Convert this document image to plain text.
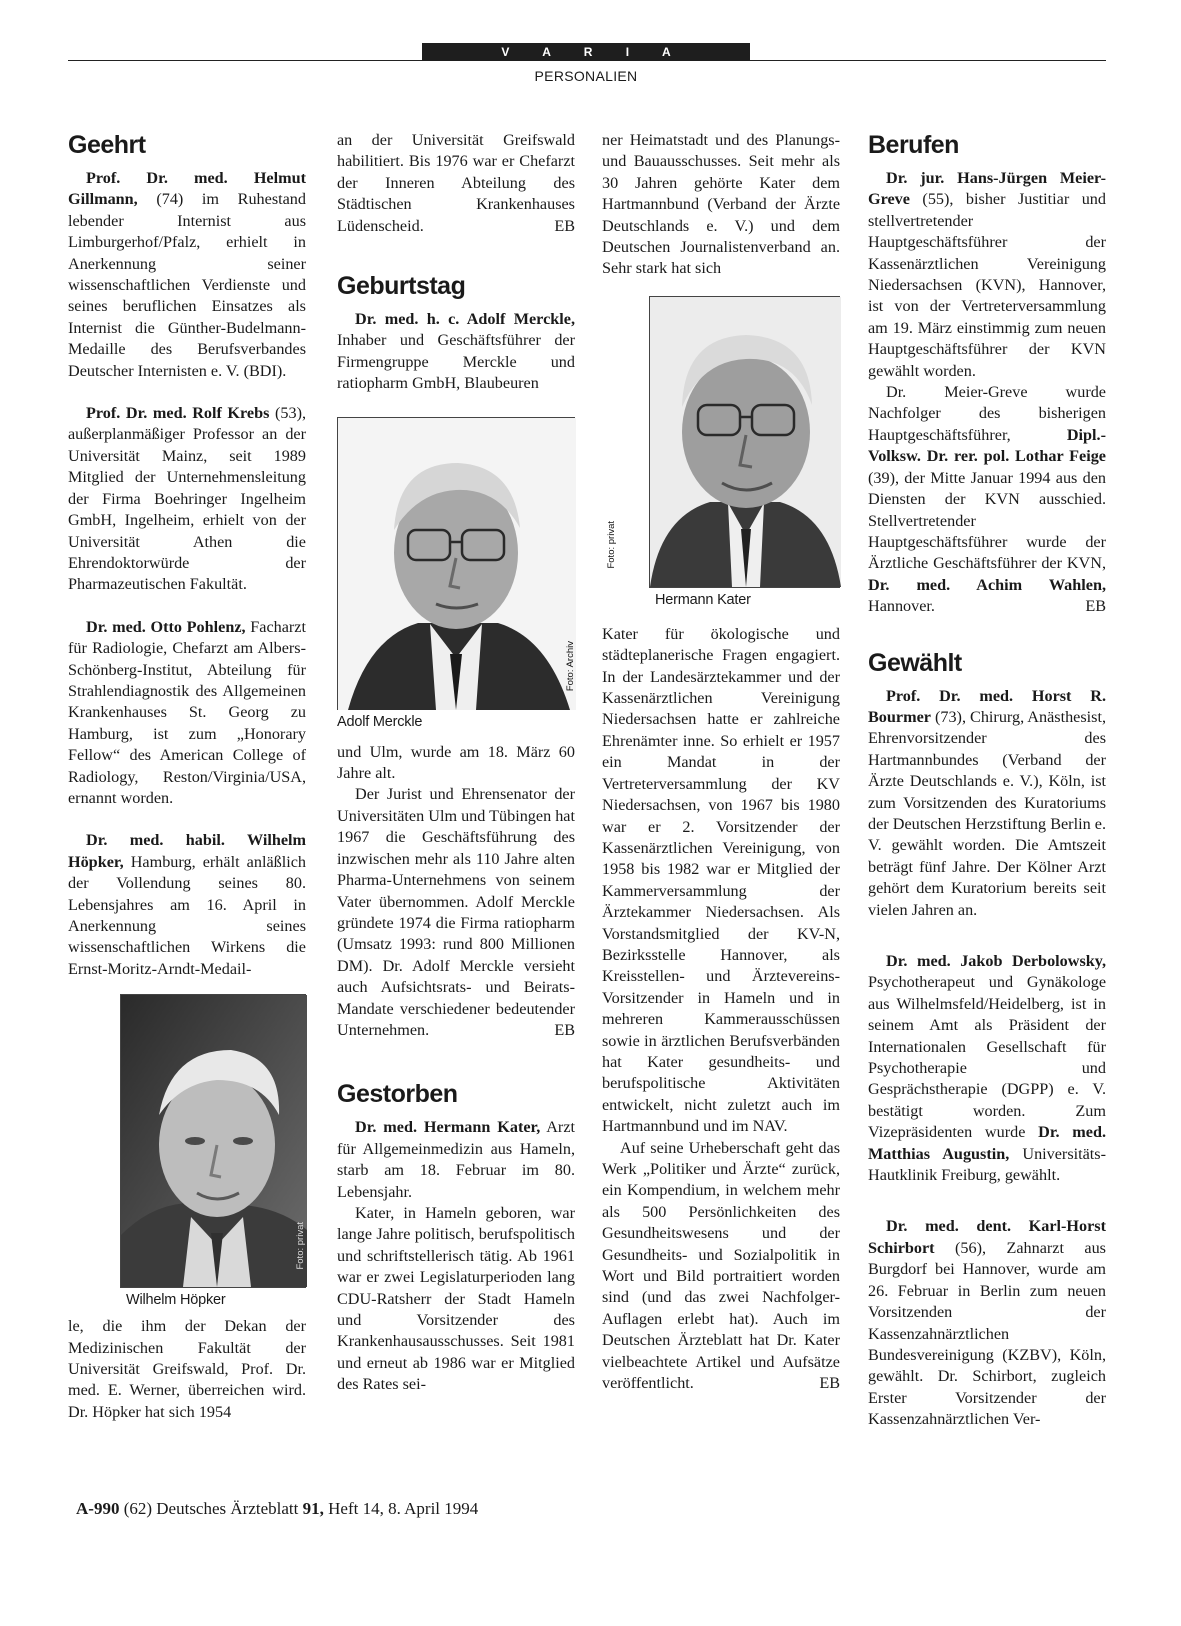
V A R I A
PERSONALIEN
Geehrt

Prof. Dr. med. Helmut Gillmann, (74) im Ruhestand lebender Internist aus Limburgerhof/Pfalz, erhielt in Anerkennung seiner wissenschaftlichen Verdienste und seines beruflichen Einsatzes als Internist die Günther-Budelmann-Medaille des Berufsverbandes Deutscher Internisten e. V. (BDI).

Prof. Dr. med. Rolf Krebs (53), außerplanmäßiger Professor an der Universität Mainz, seit 1989 Mitglied der Unternehmensleitung der Firma Boehringer Ingelheim GmbH, Ingelheim, erhielt von der Universität Athen die Ehrendoktorwürde der Pharmazeutischen Fakultät.

Dr. med. Otto Pohlenz, Facharzt für Radiologie, Chefarzt am Albers-Schönberg-Institut, Abteilung für Strahlendiagnostik des Allgemeinen Krankenhauses St. Georg zu Hamburg, ist zum „Honorary Fellow“ des American College of Radiology, Reston/Virginia/USA, ernannt worden.

Dr. med. habil. Wilhelm Höpker, Hamburg, erhält anläßlich der Vollendung seines 80. Lebensjahres am 16. April in Anerkennung seines wissenschaftlichen Wirkens die Ernst-Moritz-Arndt-Medail-

Foto: privat
Wilhelm Höpker

le, die ihm der Dekan der Medizinischen Fakultät der Universität Greifswald, Prof. Dr. med. E. Werner, überreichen wird. Dr. Höpker hat sich 1954

an der Universität Greifswald habilitiert. Bis 1976 war er Chefarzt der Inneren Abteilung des Städtischen Krankenhauses Lüdenscheid.	EB

Geburtstag

Dr. med. h. c. Adolf Merckle, Inhaber und Geschäftsführer der Firmengruppe Merckle und ratiopharm GmbH, Blaubeuren

Foto: Archiv
Adolf Merckle

und Ulm, wurde am 18. März 60 Jahre alt.

Der Jurist und Ehrensenator der Universitäten Ulm und Tübingen hat 1967 die Geschäftsführung des inzwischen mehr als 110 Jahre alten Pharma-Unternehmens von seinem Vater übernommen. Adolf Merckle gründete 1974 die Firma ratiopharm (Umsatz 1993: rund 800 Millionen DM). Dr. Adolf Merckle versieht auch Aufsichtsrats- und Beirats-Mandate verschiedener bedeutender Unternehmen.	EB

Gestorben

Dr. med. Hermann Kater, Arzt für Allgemeinmedizin aus Hameln, starb am 18. Februar im 80. Lebensjahr.

Kater, in Hameln geboren, war lange Jahre politisch, berufspolitisch und schriftstellerisch tätig. Ab 1961 war er zwei Legislaturperioden lang CDU-Ratsherr der Stadt Hameln und Vorsitzender des Krankenhausausschusses. Seit 1981 und erneut ab 1986 war er Mitglied des Rates sei-

ner Heimatstadt und des Planungs- und Bauausschusses. Seit mehr als 30 Jahren gehörte Kater dem Hartmannbund (Verband der Ärzte Deutschlands e. V.) und dem Deutschen Journalistenverband an. Sehr stark hat sich

Foto: privat
Hermann Kater

Kater für ökologische und städteplanerische Fragen engagiert. In der Landesärztekammer und der Kassenärztlichen Vereinigung Niedersachsen hatte er zahlreiche Ehrenämter inne. So erhielt er 1957 ein Mandat in der Vertreterversammlung der KV Niedersachsen, von 1967 bis 1980 war er 2. Vorsitzender der Kassenärztlichen Vereinigung, von 1958 bis 1982 war er Mitglied der Kammerversammlung der Ärztekammer Niedersachsen. Als Vorstandsmitglied der KV-N, Bezirksstelle Hannover, als Kreisstellen- und Ärztevereins-Vorsitzender in Hameln und in mehreren Kammerausschüssen sowie in ärztlichen Berufsverbänden hat Kater gesundheits- und berufspolitische Aktivitäten entwickelt, nicht zuletzt auch im Hartmannbund und im NAV.

Auf seine Urheberschaft geht das Werk „Politiker und Ärzte“ zurück, ein Kompendium, in welchem mehr als 500 Persönlichkeiten des Gesundheitswesens und der Gesundheits- und Sozialpolitik in Wort und Bild portraitiert worden sind (und das zwei Nachfolger-Auflagen erlebt hat). Auch im Deutschen Ärzteblatt hat Dr. Kater vielbeachtete Artikel und Aufsätze veröffentlicht.	EB

Berufen

Dr. jur. Hans-Jürgen Meier-Greve (55), bisher Justitiar und stellvertretender Hauptgeschäftsführer der Kassenärztlichen Vereinigung Niedersachsen (KVN), Hannover, ist von der Vertreterversammlung am 19. März einstimmig zum neuen Hauptgeschäftsführer der KVN gewählt worden.

Dr. Meier-Greve wurde Nachfolger des bisherigen Hauptgeschäftsführer, Dipl.-Volksw. Dr. rer. pol. Lothar Feige (39), der Mitte Januar 1994 aus den Diensten der KVN ausschied. Stellvertretender Hauptgeschäftsführer wurde der Ärztliche Geschäftsführer der KVN, Dr. med. Achim Wahlen, Hannover.	EB

Gewählt

Prof. Dr. med. Horst R. Bourmer (73), Chirurg, Anästhesist, Ehrenvorsitzender des Hartmannbundes (Verband der Ärzte Deutschlands e. V.), Köln, ist zum Vorsitzenden des Kuratoriums der Deutschen Herzstiftung Berlin e. V. gewählt worden. Die Amtszeit beträgt fünf Jahre. Der Kölner Arzt gehört dem Kuratorium bereits seit vielen Jahren an.

Dr. med. Jakob Derbolowsky, Psychotherapeut und Gynäkologe aus Wilhelmsfeld/Heidelberg, ist in seinem Amt als Präsident der Internationalen Gesellschaft für Psychotherapie und Gesprächstherapie (DGPP) e. V. bestätigt worden. Zum Vizepräsidenten wurde Dr. med. Matthias Augustin, Universitäts-Hautklinik Freiburg, gewählt.

Dr. med. dent. Karl-Horst Schirbort (56), Zahnarzt aus Burgdorf bei Hannover, wurde am 26. Februar in Berlin zum neuen Vorsitzenden der Kassenzahnärztlichen Bundesvereinigung (KZBV), Köln, gewählt. Dr. Schirbort, zugleich Erster Vorsitzender der Kassenzahnärztlichen Ver-

A-990 (62) Deutsches Ärzteblatt 91, Heft 14, 8. April 1994
